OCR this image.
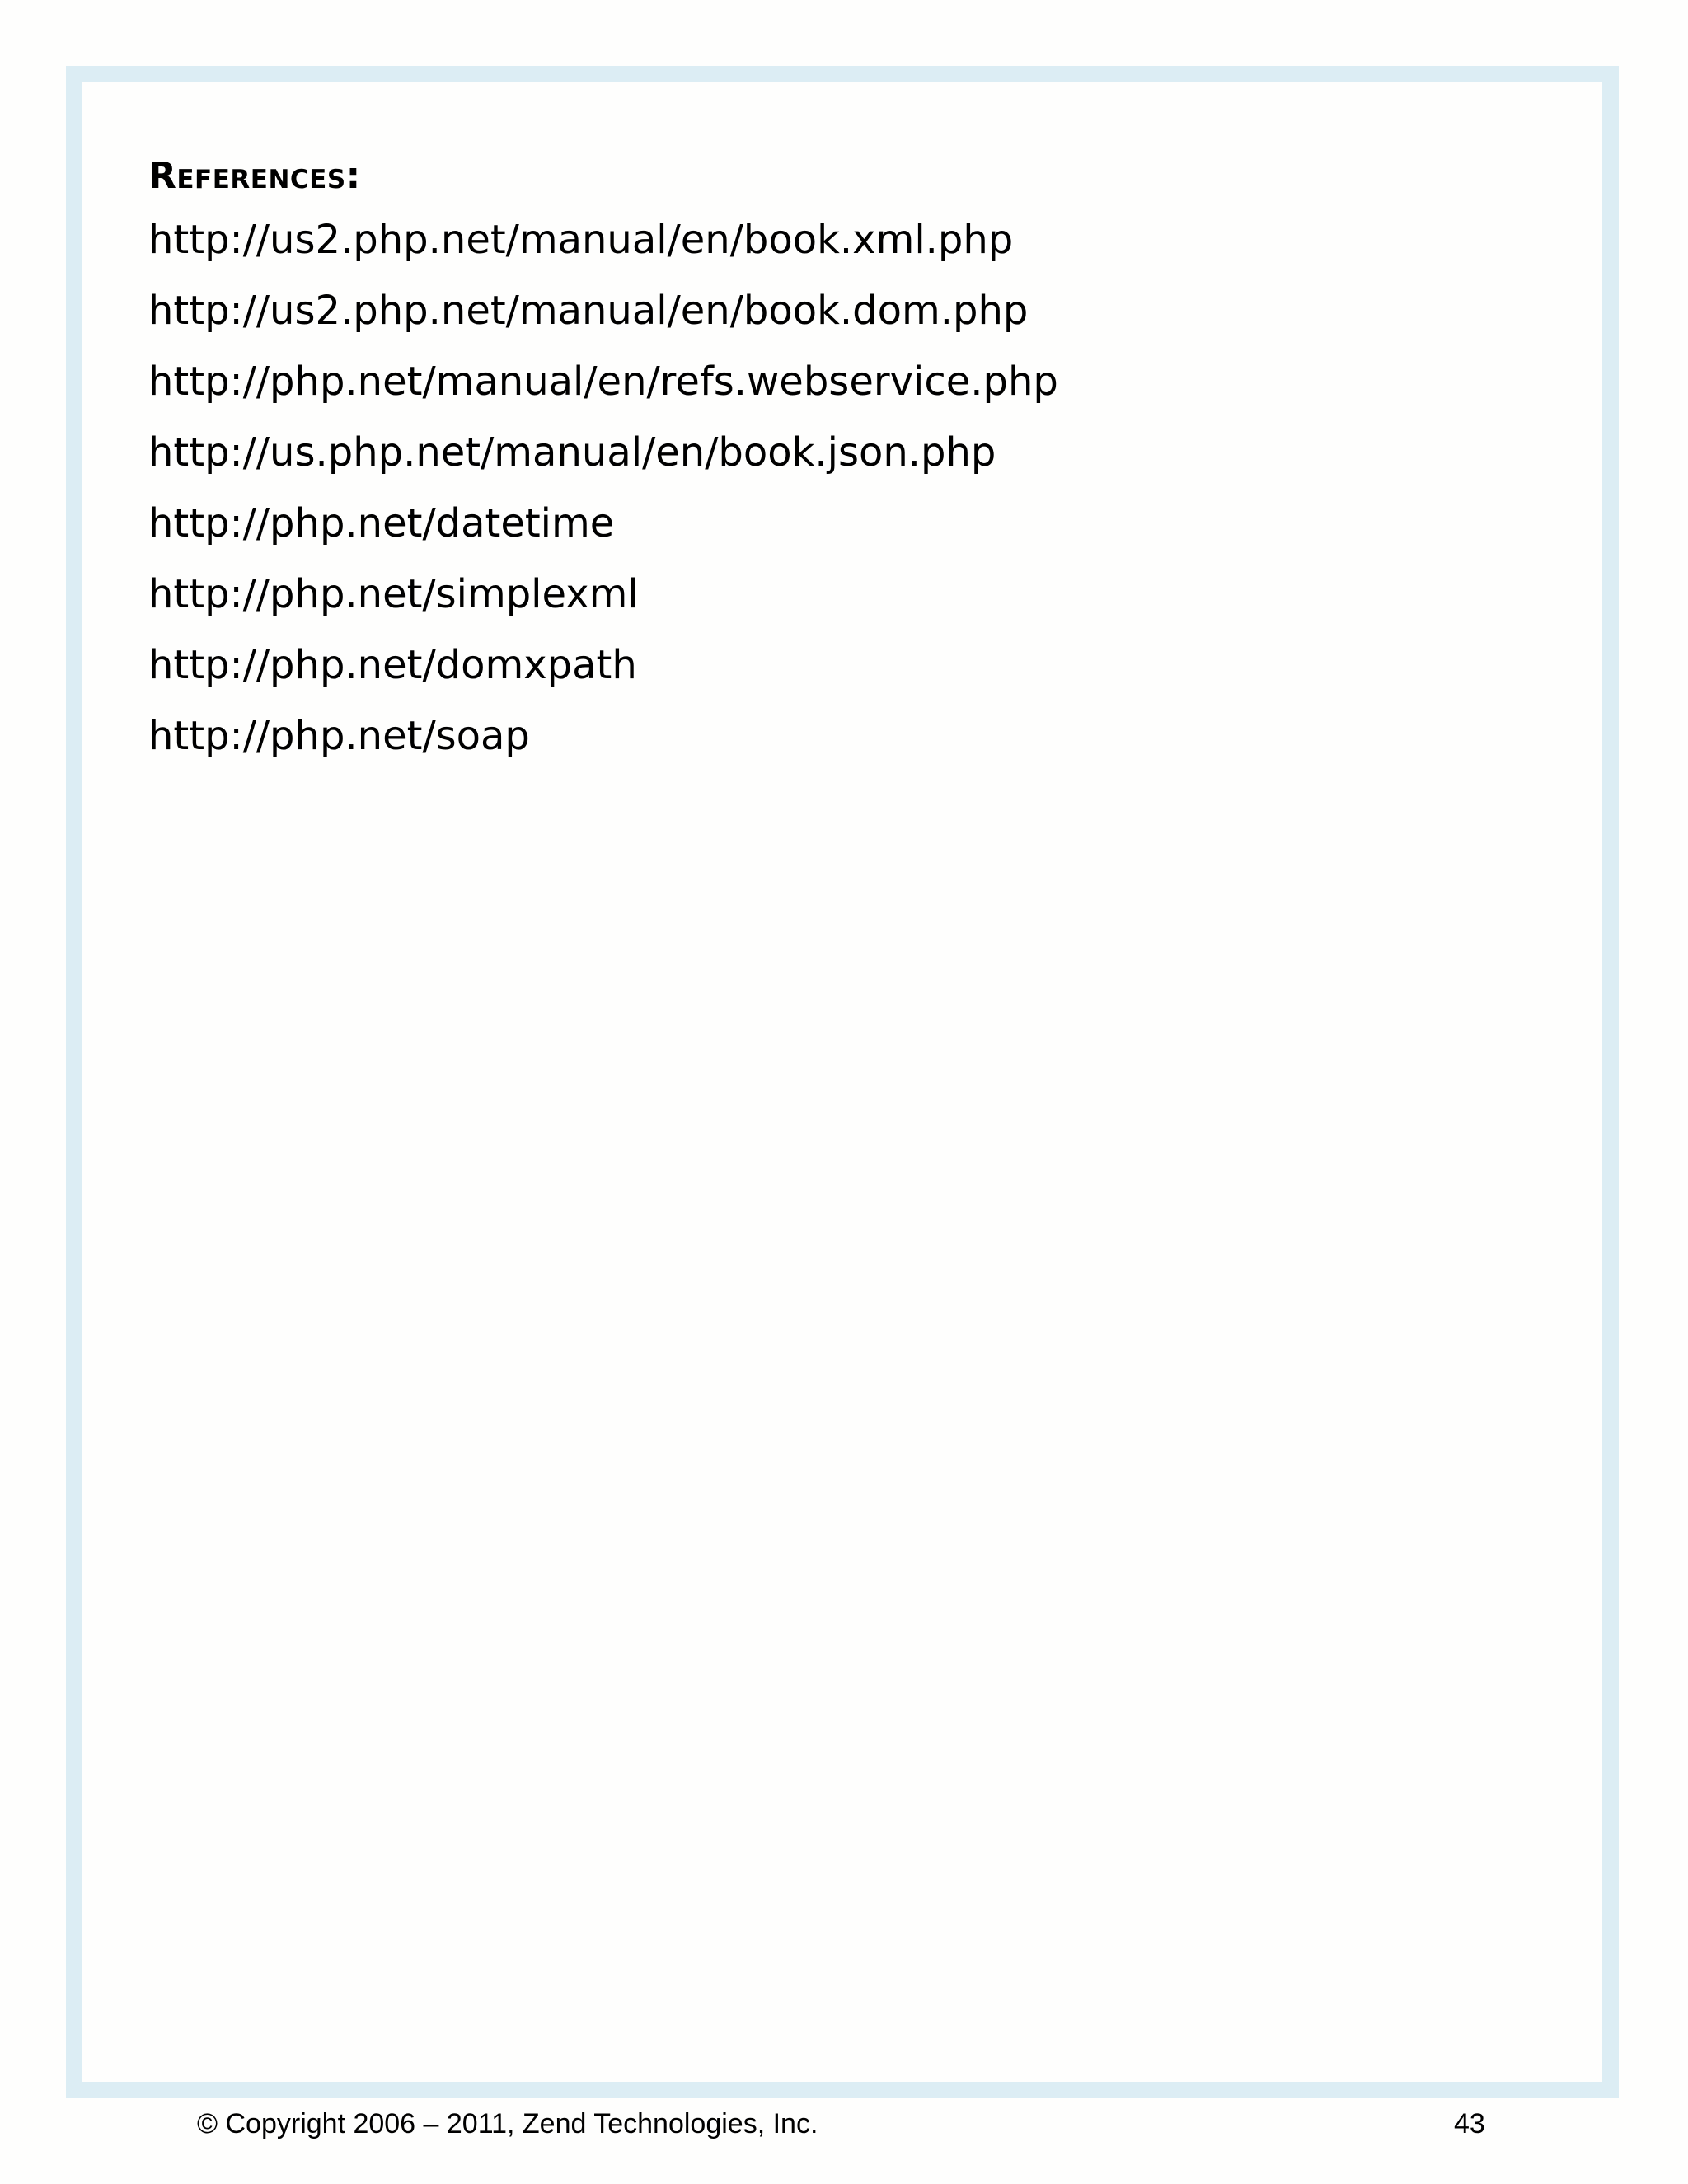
References:
http://us2.php.net/manual/en/book.xml.php
http://us2.php.net/manual/en/book.dom.php
http://php.net/manual/en/refs.webservice.php
http://us.php.net/manual/en/book.json.php
http://php.net/datetime
http://php.net/simplexml
http://php.net/domxpath
http://php.net/soap
© Copyright 2006 – 2011, Zend Technologies, Inc.	43
